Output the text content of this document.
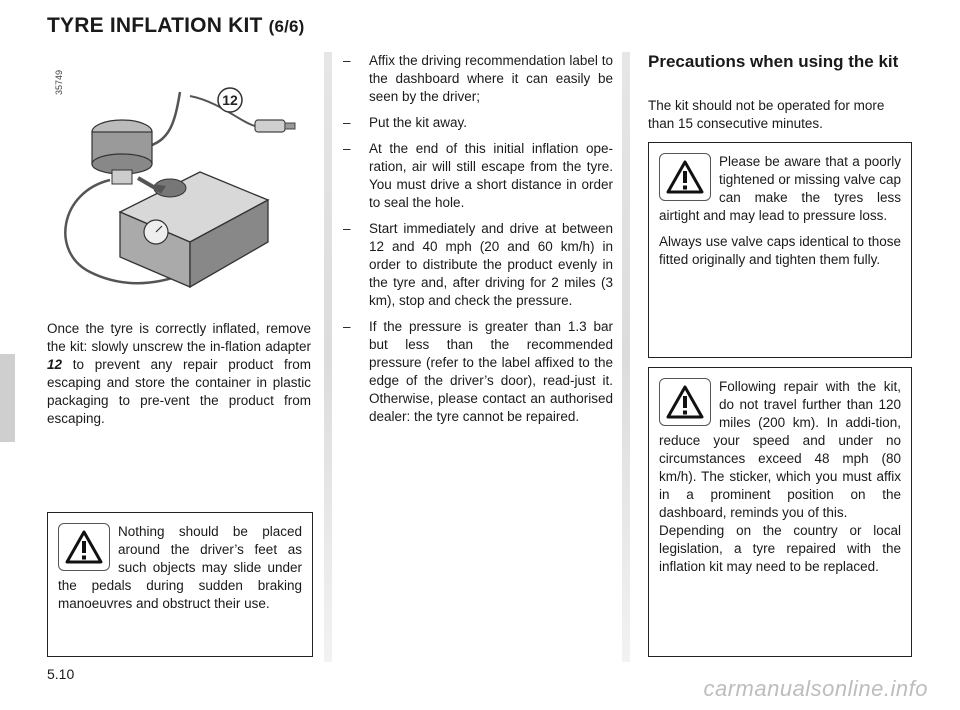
TYRE INFLATION KIT (6/6)
35749
12
Once the tyre is correctly inflated, remove the kit: slowly unscrew the in-flation adapter 12 to prevent any repair product from escaping and store the container in plastic packaging to pre-vent the product from escaping.

Nothing should be placed around the driver’s feet as such objects may slide under the pedals during sudden braking manoeuvres and obstruct their use.

– Affix the driving recommendation label to the dashboard where it can easily be seen by the driver;
– Put the kit away.
– At the end of this initial inflation ope-ration, air will still escape from the tyre. You must drive a short distance in order to seal the hole.
– Start immediately and drive at between 12 and 40 mph (20 and 60 km/h) in order to distribute the product evenly in the tyre and, after driving for 2 miles (3 km), stop and check the pressure.
– If the pressure is greater than 1.3 bar but less than the recommended pressure (refer to the label affixed to the edge of the driver’s door), read-just it. Otherwise, please contact an authorised dealer: the tyre cannot be repaired.
Precautions when using the kit
The kit should not be operated for more than 15 consecutive minutes.

Please be aware that a poorly tightened or missing valve cap can make the tyres less airtight and may lead to pressure loss.

Always use valve caps identical to those fitted originally and tighten them fully.

Following repair with the kit, do not travel further than 120 miles (200 km). In addi-tion, reduce your speed and under no circumstances exceed 48 mph (80 km/h). The sticker, which you must affix in a prominent position on the dashboard, reminds you of this.

Depending on the country or local legislation, a tyre repaired with the inflation kit may need to be replaced.

5.10
carmanualsonline.info
